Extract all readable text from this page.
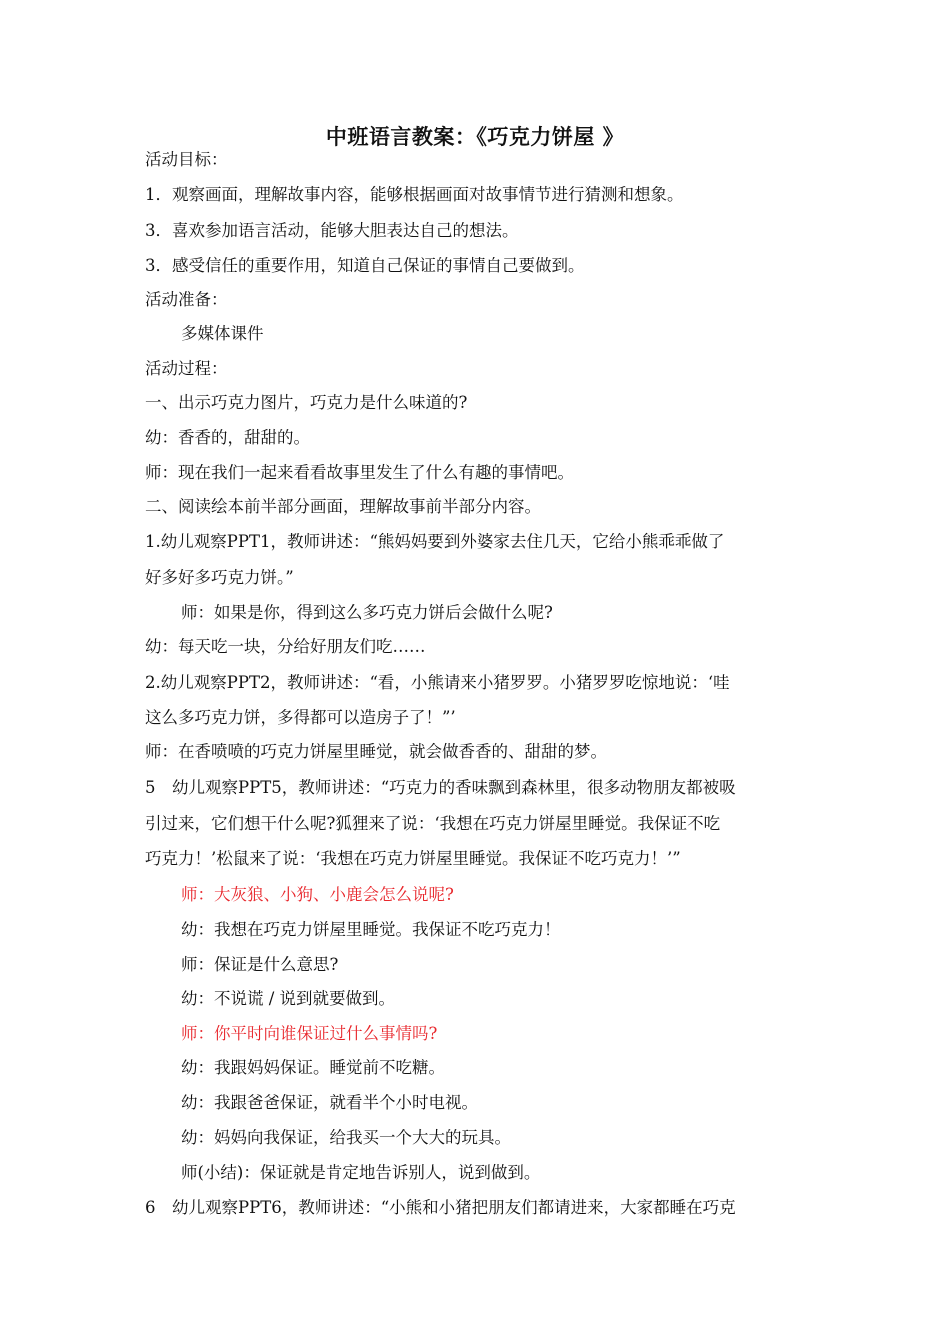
中班语言教案：《巧克力饼屋 》
活动目标：
1．观察画面，理解故事内容，能够根据画面对故事情节进行猜测和想象。
3．喜欢参加语言活动，能够大胆表达自己的想法。
3．感受信任的重要作用，知道自己保证的事情自己要做到。
活动准备：
多媒体课件
活动过程：
一、出示巧克力图片，巧克力是什么味道的?
幼：香香的，甜甜的。
师：现在我们一起来看看故事里发生了什么有趣的事情吧。
二、阅读绘本前半部分画面，理解故事前半部分内容。
1.幼儿观察PPT1，教师讲述：“熊妈妈要到外婆家去住几天，它给小熊乖乖做了
好多好多巧克力饼。”
师：如果是你，得到这么多巧克力饼后会做什么呢?
幼：每天吃一块，分给好朋友们吃……
2.幼儿观察PPT2，教师讲述：“看，小熊请来小猪罗罗。小猪罗罗吃惊地说：‘哇
这么多巧克力饼，多得都可以造房子了！”’
师：在香喷喷的巧克力饼屋里睡觉，就会做香香的、甜甜的梦。
5　幼儿观察PPT5，教师讲述：“巧克力的香味飘到森林里，很多动物朋友都被吸
引过来，它们想干什么呢?狐狸来了说：‘我想在巧克力饼屋里睡觉。我保证不吃
巧克力！’松鼠来了说：‘我想在巧克力饼屋里睡觉。我保证不吃巧克力！’”
师：大灰狼、小狗、小鹿会怎么说呢?
幼：我想在巧克力饼屋里睡觉。我保证不吃巧克力！
师：保证是什么意思?
幼：不说谎 / 说到就要做到。
师：你平时向谁保证过什么事情吗?
幼：我跟妈妈保证。睡觉前不吃糖。
幼：我跟爸爸保证，就看半个小时电视。
幼：妈妈向我保证，给我买一个大大的玩具。
师(小结)：保证就是肯定地告诉别人，说到做到。
6　幼儿观察PPT6，教师讲述：“小熊和小猪把朋友们都请进来，大家都睡在巧克
